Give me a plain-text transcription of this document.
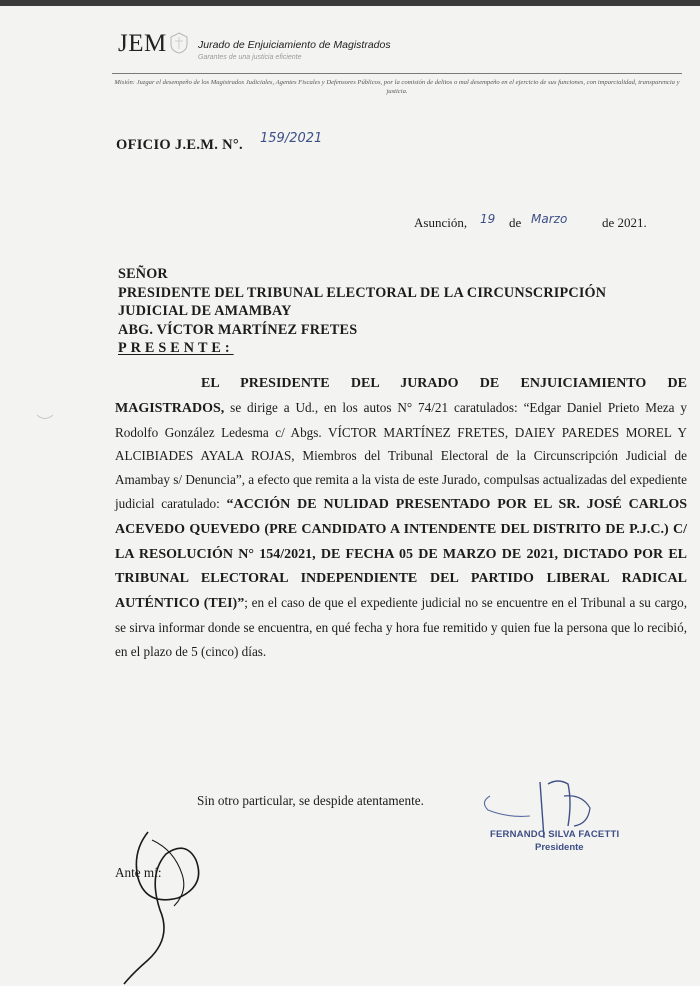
JEM	Jurado de Enjuiciamiento de Magistrados
Garantes de una justicia eficiente
Misión: Juzgar el desempeño de los Magistrados Judiciales, Agentes Fiscales y Defensores Públicos, por la comisión de delitos o mal desempeño en el ejercicio de sus funciones, con imparcialidad, transparencia y justicia.
OFICIO J.E.M. N°. 159/2021
Asunción, 19 de Marzo	de 2021.
SEÑOR
PRESIDENTE DEL TRIBUNAL ELECTORAL DE LA CIRCUNSCRIPCIÓN
JUDICIAL DE AMAMBAY
ABG. VÍCTOR MARTÍNEZ FRETES
PRESENTE:

EL PRESIDENTE DEL JURADO DE ENJUICIAMIENTO DE MAGISTRADOS, se dirige a Ud., en los autos N° 74/21 caratulados: “Edgar Daniel Prieto Meza y Rodolfo González Ledesma c/ Abgs. VÍCTOR MARTÍNEZ FRETES, DAIEY PAREDES MOREL Y ALCIBIADES AYALA ROJAS, Miembros del Tribunal Electoral de la Circunscripción Judicial de Amambay s/ Denuncia”, a efecto que remita a la vista de este Jurado, compulsas actualizadas del expediente judicial caratulado: “ACCIÓN DE NULIDAD PRESENTADO POR EL SR. JOSÉ CARLOS ACEVEDO QUEVEDO (PRE CANDIDATO A INTENDENTE DEL DISTRITO DE P.J.C.) C/ LA RESOLUCIÓN N° 154/2021, DE FECHA 05 DE MARZO DE 2021, DICTADO POR EL TRIBUNAL ELECTORAL INDEPENDIENTE DEL PARTIDO LIBERAL RADICAL AUTÉNTICO (TEI)”; en el caso de que el expediente judicial no se encuentre en el Tribunal a su cargo, se sirva informar donde se encuentra, en qué fecha y hora fue remitido y quien fue la persona que lo recibió, en el plazo de 5 (cinco) días.

Sin otro particular, se despide atentamente.
FERNANDO SILVA FACETTI
Presidente
Ante mí:
